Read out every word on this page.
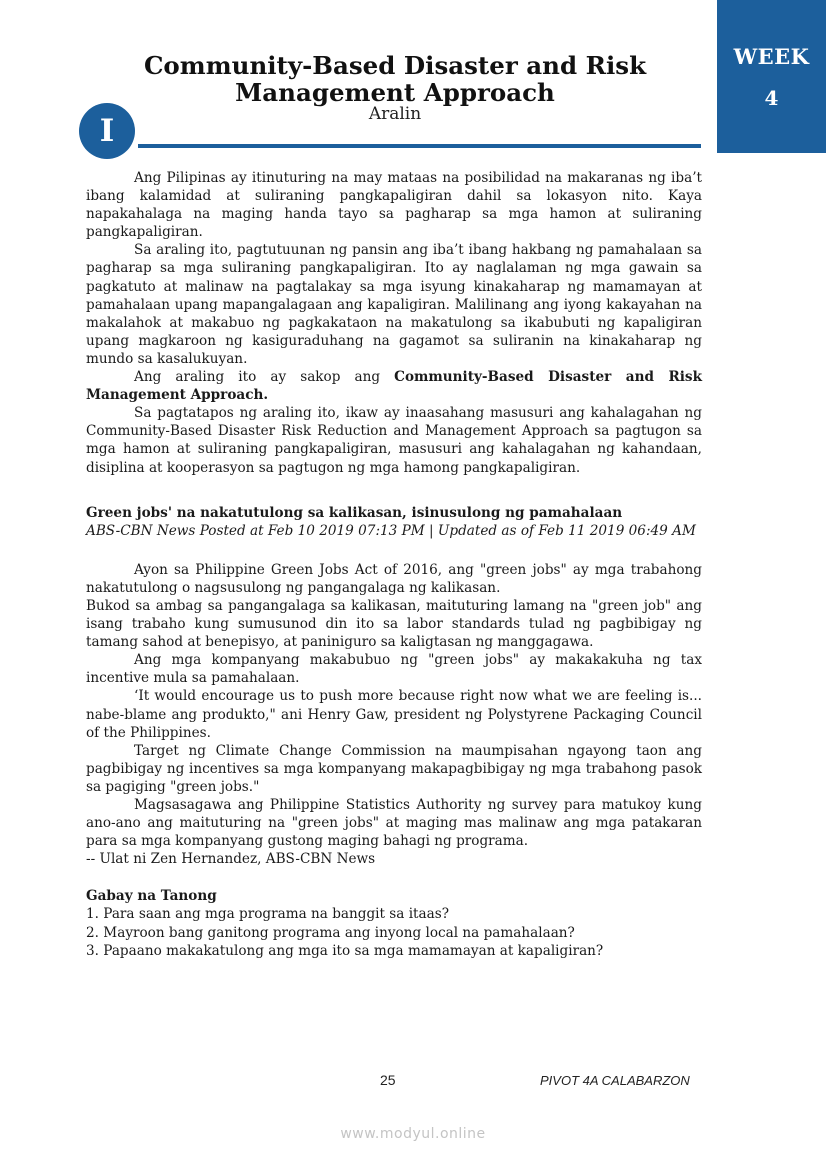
WEEK
4
Community-Based Disaster and Risk
Management Approach
Aralin
I

Ang Pilipinas ay itinuturing na may mataas na posibilidad na makaranas ng iba’t ibang kalamidad at suliraning pangkapaligiran dahil sa lokasyon nito. Kaya napakahalaga na maging handa tayo sa pagharap sa mga hamon at suliraning pangkapaligiran.

Sa araling ito, pagtutuunan ng pansin ang iba’t ibang hakbang ng pamahalaan sa pagharap sa mga suliraning pangkapaligiran. Ito ay naglalaman ng mga gawain sa pagkatuto at malinaw na pagtalakay sa mga isyung kinakaharap ng mamamayan at pamahalaan upang mapangalagaan ang kapaligiran. Malilinang ang iyong kakayahan na makalahok at makabuo ng pagkakataon na makatulong sa ikabubuti ng kapaligiran upang magkaroon ng kasiguraduhang na gagamot sa suliranin na kinakaharap ng mundo sa kasalukuyan.

Ang araling ito ay sakop ang Community-Based Disaster and Risk Management Approach.

Sa pagtatapos ng araling ito, ikaw ay inaasahang masusuri ang kahalagahan ng Community-Based Disaster Risk Reduction and Management Approach sa pagtugon sa mga hamon at suliraning pangkapaligiran, masusuri ang kahalagahan ng kahandaan, disiplina at kooperasyon sa pagtugon ng mga hamong pangkapaligiran.

Green jobs' na nakatutulong sa kalikasan, isinusulong ng pamahalaan

ABS-CBN News Posted at Feb 10 2019 07:13 PM | Updated as of Feb 11 2019 06:49 AM

Ayon sa Philippine Green Jobs Act of 2016, ang "green jobs" ay mga trabahong nakatutulong o nagsusulong ng pangangalaga ng kalikasan.

Bukod sa ambag sa pangangalaga sa kalikasan, maituturing lamang na "green job" ang isang trabaho kung sumusunod din ito sa labor standards tulad ng pagbibigay ng tamang sahod at benepisyo, at paniniguro sa kaligtasan ng manggagawa.

Ang mga kompanyang makabubuo ng "green jobs" ay makakakuha ng tax incentive mula sa pamahalaan.

‘It would encourage us to push more because right now what we are feeling is... nabe-blame ang produkto," ani Henry Gaw, president ng Polystyrene Packaging Council of the Philippines.

Target ng Climate Change Commission na maumpisahan ngayong taon ang pagbibigay ng incentives sa mga kompanyang makapagbibigay ng mga trabahong pasok sa pagiging "green jobs."

Magsasagawa ang Philippine Statistics Authority ng survey para matukoy kung ano-ano ang maituturing na "green jobs" at maging mas malinaw ang mga patakaran para sa mga kompanyang gustong maging bahagi ng programa.

-- Ulat ni Zen Hernandez, ABS-CBN News

Gabay na Tanong

1. Para saan ang mga programa na banggit sa itaas?

2. Mayroon bang ganitong programa ang inyong local na pamahalaan?

3. Papaano makakatulong ang mga ito sa mga mamamayan at kapaligiran?

25	PIVOT 4A CALABARZON
www.modyul.online
